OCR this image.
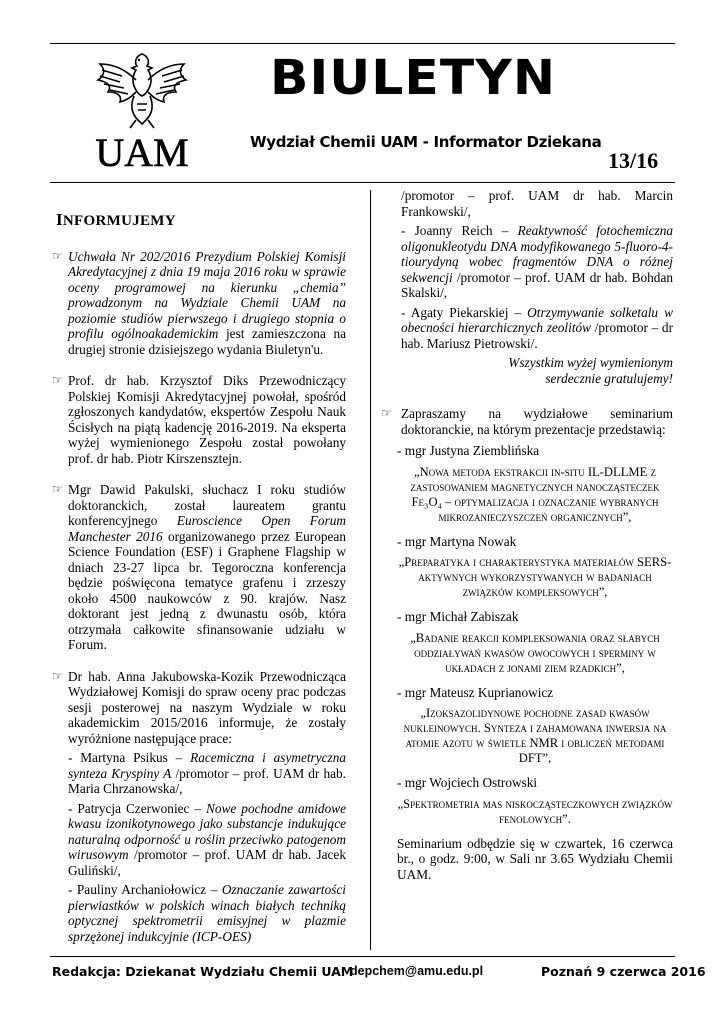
UAM
BIULETYN
Wydział Chemii UAM - Informator Dziekana
13/16
INFORMUJEMY
☞ Uchwała Nr 202/2016 Prezydium Polskiej Komisji Akredytacyjnej z dnia 19 maja 2016 roku w sprawie oceny programowej na kierunku „chemia” prowadzonym na Wydziale Chemii UAM na poziomie studiów pierwszego i drugiego stopnia o profilu ogólnoakademickim jest zamieszczona na drugiej stronie dzisiejszego wydania Biuletyn'u.
☞ Prof. dr hab. Krzysztof Diks Przewodniczący Polskiej Komisji Akredytacyjnej powołał, spośród zgłoszonych kandydatów, ekspertów Zespołu Nauk Ścisłych na piątą kadencję 2016-2019. Na eksperta wyżej wymienionego Zespołu został powołany prof. dr hab. Piotr Kirszensztejn.
☞ Mgr Dawid Pakulski, słuchacz I roku studiów doktoranckich, został laureatem grantu konferencyjnego Euroscience Open Forum Manchester 2016 organizowanego przez European Science Foundation (ESF) i Graphene Flagship w dniach 23-27 lipca br. Tegoroczna konferencja będzie poświęcona tematyce grafenu i zrzeszy około 4500 naukowców z 90. krajów. Nasz doktorant jest jedną z dwunastu osób, która otrzymała całkowite sfinansowanie udziału w Forum.
☞ Dr hab. Anna Jakubowska-Kozik Przewodnicząca Wydziałowej Komisji do spraw oceny prac podczas sesji posterowej na naszym Wydziale w roku akademickim 2015/2016 informuje, że zostały wyróżnione następujące prace:
- Martyna Psikus – Racemiczna i asymetryczna synteza Kryspiny A /promotor – prof. UAM dr hab. Maria Chrzanowska/,
- Patrycja Czerwoniec – Nowe pochodne amidowe kwasu izonikotynowego jako substancje indukujące naturalną odporność u roślin przeciwko patogenom wirusowym /promotor – prof. UAM dr hab. Jacek Guliński/,
- Pauliny Archaniołowicz – Oznaczanie zawartości pierwiastków w polskich winach białych techniką optycznej spektrometrii emisyjnej w plazmie sprzężonej indukcyjnie (ICP-OES)
/promotor – prof. UAM dr hab. Marcin Frankowski/,
- Joanny Reich – Reaktywność fotochemiczna oligonukleotydu DNA modyfikowanego 5-fluoro-4-tiourydyną wobec fragmentów DNA o różnej sekwencji /promotor – prof. UAM dr hab. Bohdan Skalski/,
- Agaty Piekarskiej – Otrzymywanie solketalu w obecności hierarchicznych zeolitów /promotor – dr hab. Mariusz Pietrowski/.
Wszystkim wyżej wymienionym serdecznie gratulujemy!
☞ Zapraszamy na wydziałowe seminarium doktoranckie, na którym prezentacje przedstawią:
- mgr Justyna Ziemblińska
„Nowa metoda ekstrakcji in-situ IL-DLLME z zastosowaniem magnetycznych nanocząsteczek Fe₃O₄ – optymalizacja i oznaczanie wybranych mikrozanieczyszczeń organicznych”,
- mgr Martyna Nowak
„Preparatyka i charakterystyka materiałów SERS-aktywnych wykorzystywanych w badaniach związków kompleksowych”,
- mgr Michał Zabiszak
„Badanie reakcji kompleksowania oraz słabych oddziaływań kwasów owocowych i sperminy w układach z jonami ziem rzadkich”,
- mgr Mateusz Kuprianowicz
„Izoksazolidynowe pochodne zasad kwasów nukleinowych. Synteza i zahamowana inwersja na atomie azotu w świetle NMR i obliczeń metodami DFT”,
- mgr Wojciech Ostrowski
„Spektrometria mas niskocząsteczkowych związków fenolowych”.
Seminarium odbędzie się w czwartek, 16 czerwca br., o godz. 9:00, w Sali nr 3.65 Wydziału Chemii UAM.
Redakcja: Dziekanat Wydziału Chemii UAM
depchem@amu.edu.pl	Poznań 9 czerwca 2016
